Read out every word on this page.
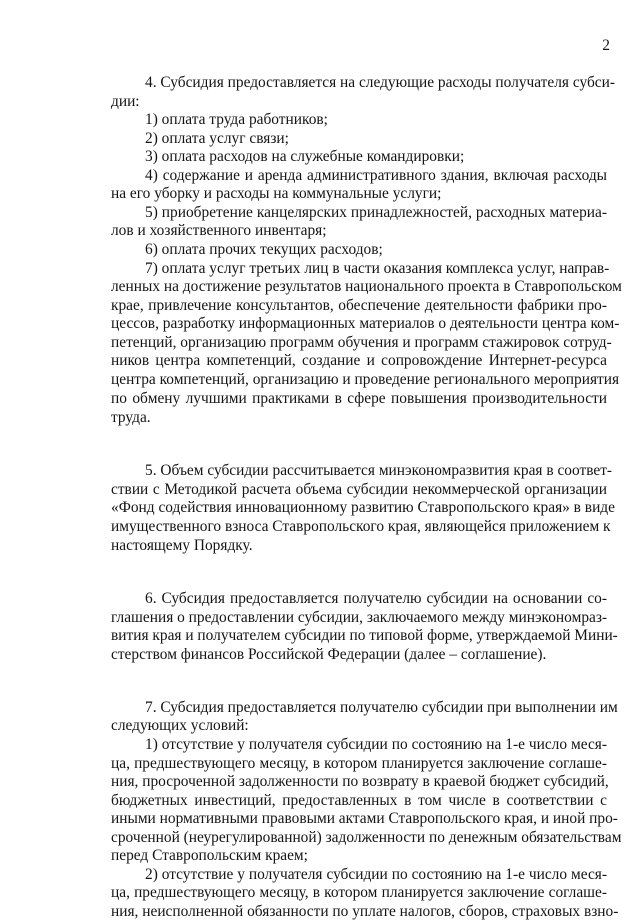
2
4. Субсидия предоставляется на следующие расходы получателя субси-
дии:
1) оплата труда работников;
2) оплата услуг связи;
3) оплата расходов на служебные командировки;
4) содержание и аренда административного здания, включая расходы
на его уборку и расходы на коммунальные услуги;
5) приобретение канцелярских принадлежностей, расходных материа-
лов и хозяйственного инвентаря;
6) оплата прочих текущих расходов;
7) оплата услуг третьих лиц в части оказания комплекса услуг, направ-
ленных на достижение результатов национального проекта в Ставропольском
крае, привлечение консультантов, обеспечение деятельности фабрики про-
цессов, разработку информационных материалов о деятельности центра ком-
петенций, организацию программ обучения и программ стажировок сотруд-
ников центра компетенций, создание и сопровождение Интернет-ресурса
центра компетенций, организацию и проведение регионального мероприятия
по обмену лучшими практиками в сфере повышения производительности
труда.
5. Объем субсидии рассчитывается минэкономразвития края в соответ-
ствии с Методикой расчета объема субсидии некоммерческой организации
«Фонд содействия инновационному развитию Ставропольского края» в виде
имущественного взноса Ставропольского края, являющейся приложением к
настоящему Порядку.
6. Субсидия предоставляется получателю субсидии на основании со-
глашения о предоставлении субсидии, заключаемого между минэкономраз-
вития края и получателем субсидии по типовой форме, утверждаемой Мини-
стерством финансов Российской Федерации (далее – соглашение).
7. Субсидия предоставляется получателю субсидии при выполнении им
следующих условий:
1) отсутствие у получателя субсидии по состоянию на 1-е число меся-
ца, предшествующего месяцу, в котором планируется заключение соглаше-
ния, просроченной задолженности по возврату в краевой бюджет субсидий,
бюджетных инвестиций, предоставленных в том числе в соответствии с
иными нормативными правовыми актами Ставропольского края, и иной про-
сроченной (неурегулированной) задолженности по денежным обязательствам
перед Ставропольским краем;
2) отсутствие у получателя субсидии по состоянию на 1-е число меся-
ца, предшествующего месяцу, в котором планируется заключение соглаше-
ния, неисполненной обязанности по уплате налогов, сборов, страховых взно-
